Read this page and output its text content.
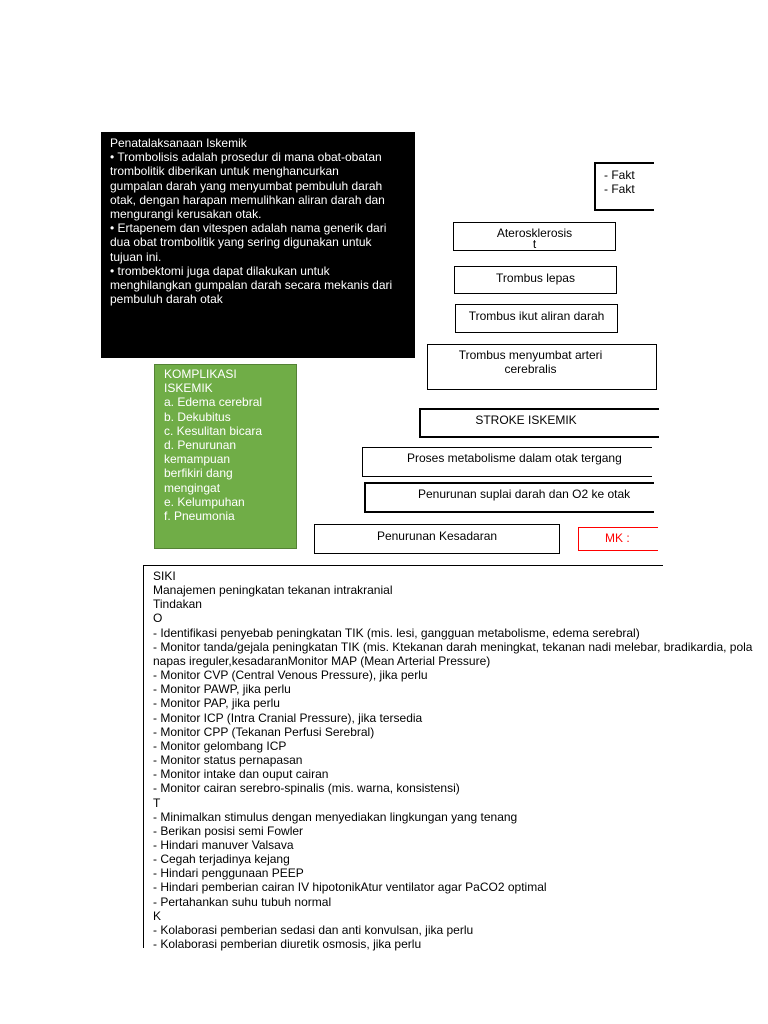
Penatalaksanaan Iskemik
• Trombolisis adalah prosedur di mana obat-obatan
trombolitik diberikan untuk menghancurkan
gumpalan darah yang menyumbat pembuluh darah
otak, dengan harapan memulihkan aliran darah dan
mengurangi kerusakan otak.
• Ertapenem dan vitespen adalah nama generik dari
dua obat trombolitik yang sering digunakan untuk
tujuan ini.
• trombektomi juga dapat dilakukan untuk
menghilangkan gumpalan darah secara mekanis dari
pembuluh darah otak
- Fakt
- Fakt
Aterosklerosis
t
Trombus lepas
Trombus ikut aliran darah
Trombus menyumbat arteri cerebralis
STROKE ISKEMIK
Proses metabolisme dalam otak tergang
Penurunan suplai darah dan O2 ke otak
Penurunan Kesadaran	MK :
KOMPLIKASI ISKEMIK
a. Edema cerebral
b. Dekubitus
c. Kesulitan bicara
d. Penurunan
kemampuan
berfikiri dang
mengingat
e. Kelumpuhan
f. Pneumonia
SIKI
Manajemen peningkatan tekanan intrakranial
Tindakan
O
- Identifikasi penyebab peningkatan TIK (mis. lesi, gangguan metabolisme, edema serebral)
- Monitor tanda/gejala peningkatan TIK (mis. Ktekanan darah meningkat, tekanan nadi melebar, bradikardia, pola
napas ireguler,kesadaranMonitor MAP (Mean Arterial Pressure)
- Monitor CVP (Central Venous Pressure), jika perlu
- Monitor PAWP, jika perlu
- Monitor PAP, jika perlu
- Monitor ICP (Intra Cranial Pressure), jika tersedia
- Monitor CPP (Tekanan Perfusi Serebral)
- Monitor gelombang ICP
- Monitor status pernapasan
- Monitor intake dan ouput cairan
- Monitor cairan serebro-spinalis (mis. warna, konsistensi)
T
- Minimalkan stimulus dengan menyediakan lingkungan yang tenang
- Berikan posisi semi Fowler
- Hindari manuver Valsava
- Cegah terjadinya kejang
- Hindari penggunaan PEEP
- Hindari pemberian cairan IV hipotonikAtur ventilator agar PaCO2 optimal
- Pertahankan suhu tubuh normal
K
- Kolaborasi pemberian sedasi dan anti konvulsan, jika perlu
- Kolaborasi pemberian diuretik osmosis, jika perlu
